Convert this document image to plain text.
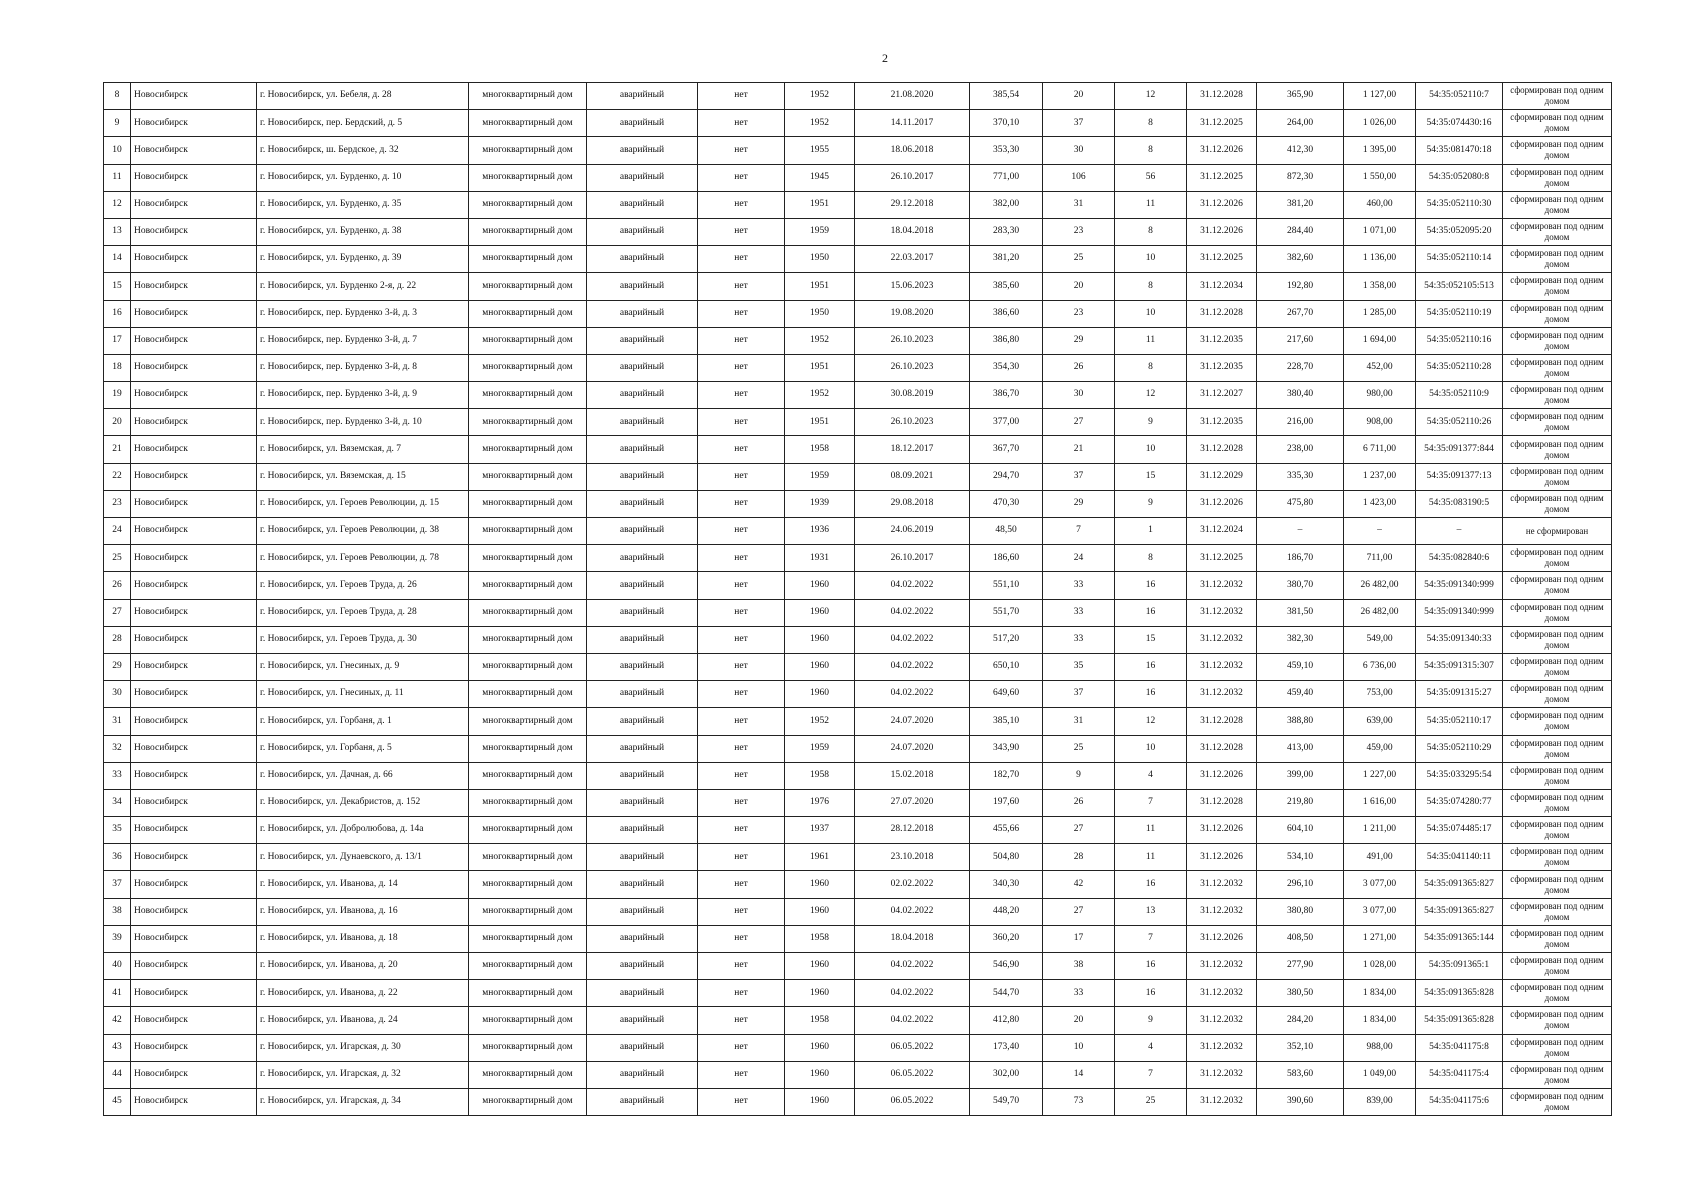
2
8	Новосибирск	г. Новосибирск, ул. Бебеля, д. 28	многоквартирный дом	аварийный	нет	1952	21.08.2020	385,54	20	12	31.12.2028	365,90	1 127,00	54:35:052110:7	сформирован под одним домом
9	Новосибирск	г. Новосибирск, пер. Бердский, д. 5	многоквартирный дом	аварийный	нет	1952	14.11.2017	370,10	37	8	31.12.2025	264,00	1 026,00	54:35:074430:16	сформирован под одним домом
10	Новосибирск	г. Новосибирск, ш. Бердское, д. 32	многоквартирный дом	аварийный	нет	1955	18.06.2018	353,30	30	8	31.12.2026	412,30	1 395,00	54:35:081470:18	сформирован под одним домом
11	Новосибирск	г. Новосибирск, ул. Бурденко, д. 10	многоквартирный дом	аварийный	нет	1945	26.10.2017	771,00	106	56	31.12.2025	872,30	1 550,00	54:35:052080:8	сформирован под одним домом
12	Новосибирск	г. Новосибирск, ул. Бурденко, д. 35	многоквартирный дом	аварийный	нет	1951	29.12.2018	382,00	31	11	31.12.2026	381,20	460,00	54:35:052110:30	сформирован под одним домом
13	Новосибирск	г. Новосибирск, ул. Бурденко, д. 38	многоквартирный дом	аварийный	нет	1959	18.04.2018	283,30	23	8	31.12.2026	284,40	1 071,00	54:35:052095:20	сформирован под одним домом
14	Новосибирск	г. Новосибирск, ул. Бурденко, д. 39	многоквартирный дом	аварийный	нет	1950	22.03.2017	381,20	25	10	31.12.2025	382,60	1 136,00	54:35:052110:14	сформирован под одним домом
15	Новосибирск	г. Новосибирск, ул. Бурденко 2-я, д. 22	многоквартирный дом	аварийный	нет	1951	15.06.2023	385,60	20	8	31.12.2034	192,80	1 358,00	54:35:052105:513	сформирован под одним домом
16	Новосибирск	г. Новосибирск, пер. Бурденко 3-й, д. 3	многоквартирный дом	аварийный	нет	1950	19.08.2020	386,60	23	10	31.12.2028	267,70	1 285,00	54:35:052110:19	сформирован под одним домом
17	Новосибирск	г. Новосибирск, пер. Бурденко 3-й, д. 7	многоквартирный дом	аварийный	нет	1952	26.10.2023	386,80	29	11	31.12.2035	217,60	1 694,00	54:35:052110:16	сформирован под одним домом
18	Новосибирск	г. Новосибирск, пер. Бурденко 3-й, д. 8	многоквартирный дом	аварийный	нет	1951	26.10.2023	354,30	26	8	31.12.2035	228,70	452,00	54:35:052110:28	сформирован под одним домом
19	Новосибирск	г. Новосибирск, пер. Бурденко 3-й, д. 9	многоквартирный дом	аварийный	нет	1952	30.08.2019	386,70	30	12	31.12.2027	380,40	980,00	54:35:052110:9	сформирован под одним домом
20	Новосибирск	г. Новосибирск, пер. Бурденко 3-й, д. 10	многоквартирный дом	аварийный	нет	1951	26.10.2023	377,00	27	9	31.12.2035	216,00	908,00	54:35:052110:26	сформирован под одним домом
21	Новосибирск	г. Новосибирск, ул. Вяземская, д. 7	многоквартирный дом	аварийный	нет	1958	18.12.2017	367,70	21	10	31.12.2028	238,00	6 711,00	54:35:091377:844	сформирован под одним домом
22	Новосибирск	г. Новосибирск, ул. Вяземская, д. 15	многоквартирный дом	аварийный	нет	1959	08.09.2021	294,70	37	15	31.12.2029	335,30	1 237,00	54:35:091377:13	сформирован под одним домом
23	Новосибирск	г. Новосибирск, ул. Героев Революции, д. 15	многоквартирный дом	аварийный	нет	1939	29.08.2018	470,30	29	9	31.12.2026	475,80	1 423,00	54:35:083190:5	сформирован под одним домом
24	Новосибирск	г. Новосибирск, ул. Героев Революции, д. 38	многоквартирный дом	аварийный	нет	1936	24.06.2019	48,50	7	1	31.12.2024	–	–	–	не сформирован
25	Новосибирск	г. Новосибирск, ул. Героев Революции, д. 78	многоквартирный дом	аварийный	нет	1931	26.10.2017	186,60	24	8	31.12.2025	186,70	711,00	54:35:082840:6	сформирован под одним домом
26	Новосибирск	г. Новосибирск, ул. Героев Труда, д. 26	многоквартирный дом	аварийный	нет	1960	04.02.2022	551,10	33	16	31.12.2032	380,70	26 482,00	54:35:091340:999	сформирован под одним домом
27	Новосибирск	г. Новосибирск, ул. Героев Труда, д. 28	многоквартирный дом	аварийный	нет	1960	04.02.2022	551,70	33	16	31.12.2032	381,50	26 482,00	54:35:091340:999	сформирован под одним домом
28	Новосибирск	г. Новосибирск, ул. Героев Труда, д. 30	многоквартирный дом	аварийный	нет	1960	04.02.2022	517,20	33	15	31.12.2032	382,30	549,00	54:35:091340:33	сформирован под одним домом
29	Новосибирск	г. Новосибирск, ул. Гнесиных, д. 9	многоквартирный дом	аварийный	нет	1960	04.02.2022	650,10	35	16	31.12.2032	459,10	6 736,00	54:35:091315:307	сформирован под одним домом
30	Новосибирск	г. Новосибирск, ул. Гнесиных, д. 11	многоквартирный дом	аварийный	нет	1960	04.02.2022	649,60	37	16	31.12.2032	459,40	753,00	54:35:091315:27	сформирован под одним домом
31	Новосибирск	г. Новосибирск, ул. Горбаня, д. 1	многоквартирный дом	аварийный	нет	1952	24.07.2020	385,10	31	12	31.12.2028	388,80	639,00	54:35:052110:17	сформирован под одним домом
32	Новосибирск	г. Новосибирск, ул. Горбаня, д. 5	многоквартирный дом	аварийный	нет	1959	24.07.2020	343,90	25	10	31.12.2028	413,00	459,00	54:35:052110:29	сформирован под одним домом
33	Новосибирск	г. Новосибирск, ул. Дачная, д. 66	многоквартирный дом	аварийный	нет	1958	15.02.2018	182,70	9	4	31.12.2026	399,00	1 227,00	54:35:033295:54	сформирован под одним домом
34	Новосибирск	г. Новосибирск, ул. Декабристов, д. 152	многоквартирный дом	аварийный	нет	1976	27.07.2020	197,60	26	7	31.12.2028	219,80	1 616,00	54:35:074280:77	сформирован под одним домом
35	Новосибирск	г. Новосибирск, ул. Добролюбова, д. 14а	многоквартирный дом	аварийный	нет	1937	28.12.2018	455,66	27	11	31.12.2026	604,10	1 211,00	54:35:074485:17	сформирован под одним домом
36	Новосибирск	г. Новосибирск, ул. Дунаевского, д. 13/1	многоквартирный дом	аварийный	нет	1961	23.10.2018	504,80	28	11	31.12.2026	534,10	491,00	54:35:041140:11	сформирован под одним домом
37	Новосибирск	г. Новосибирск, ул. Иванова, д. 14	многоквартирный дом	аварийный	нет	1960	02.02.2022	340,30	42	16	31.12.2032	296,10	3 077,00	54:35:091365:827	сформирован под одним домом
38	Новосибирск	г. Новосибирск, ул. Иванова, д. 16	многоквартирный дом	аварийный	нет	1960	04.02.2022	448,20	27	13	31.12.2032	380,80	3 077,00	54:35:091365:827	сформирован под одним домом
39	Новосибирск	г. Новосибирск, ул. Иванова, д. 18	многоквартирный дом	аварийный	нет	1958	18.04.2018	360,20	17	7	31.12.2026	408,50	1 271,00	54:35:091365:144	сформирован под одним домом
40	Новосибирск	г. Новосибирск, ул. Иванова, д. 20	многоквартирный дом	аварийный	нет	1960	04.02.2022	546,90	38	16	31.12.2032	277,90	1 028,00	54:35:091365:1	сформирован под одним домом
41	Новосибирск	г. Новосибирск, ул. Иванова, д. 22	многоквартирный дом	аварийный	нет	1960	04.02.2022	544,70	33	16	31.12.2032	380,50	1 834,00	54:35:091365:828	сформирован под одним домом
42	Новосибирск	г. Новосибирск, ул. Иванова, д. 24	многоквартирный дом	аварийный	нет	1958	04.02.2022	412,80	20	9	31.12.2032	284,20	1 834,00	54:35:091365:828	сформирован под одним домом
43	Новосибирск	г. Новосибирск, ул. Игарская, д. 30	многоквартирный дом	аварийный	нет	1960	06.05.2022	173,40	10	4	31.12.2032	352,10	988,00	54:35:041175:8	сформирован под одним домом
44	Новосибирск	г. Новосибирск, ул. Игарская, д. 32	многоквартирный дом	аварийный	нет	1960	06.05.2022	302,00	14	7	31.12.2032	583,60	1 049,00	54:35:041175:4	сформирован под одним домом
45	Новосибирск	г. Новосибирск, ул. Игарская, д. 34	многоквартирный дом	аварийный	нет	1960	06.05.2022	549,70	73	25	31.12.2032	390,60	839,00	54:35:041175:6	сформирован под одним домом
